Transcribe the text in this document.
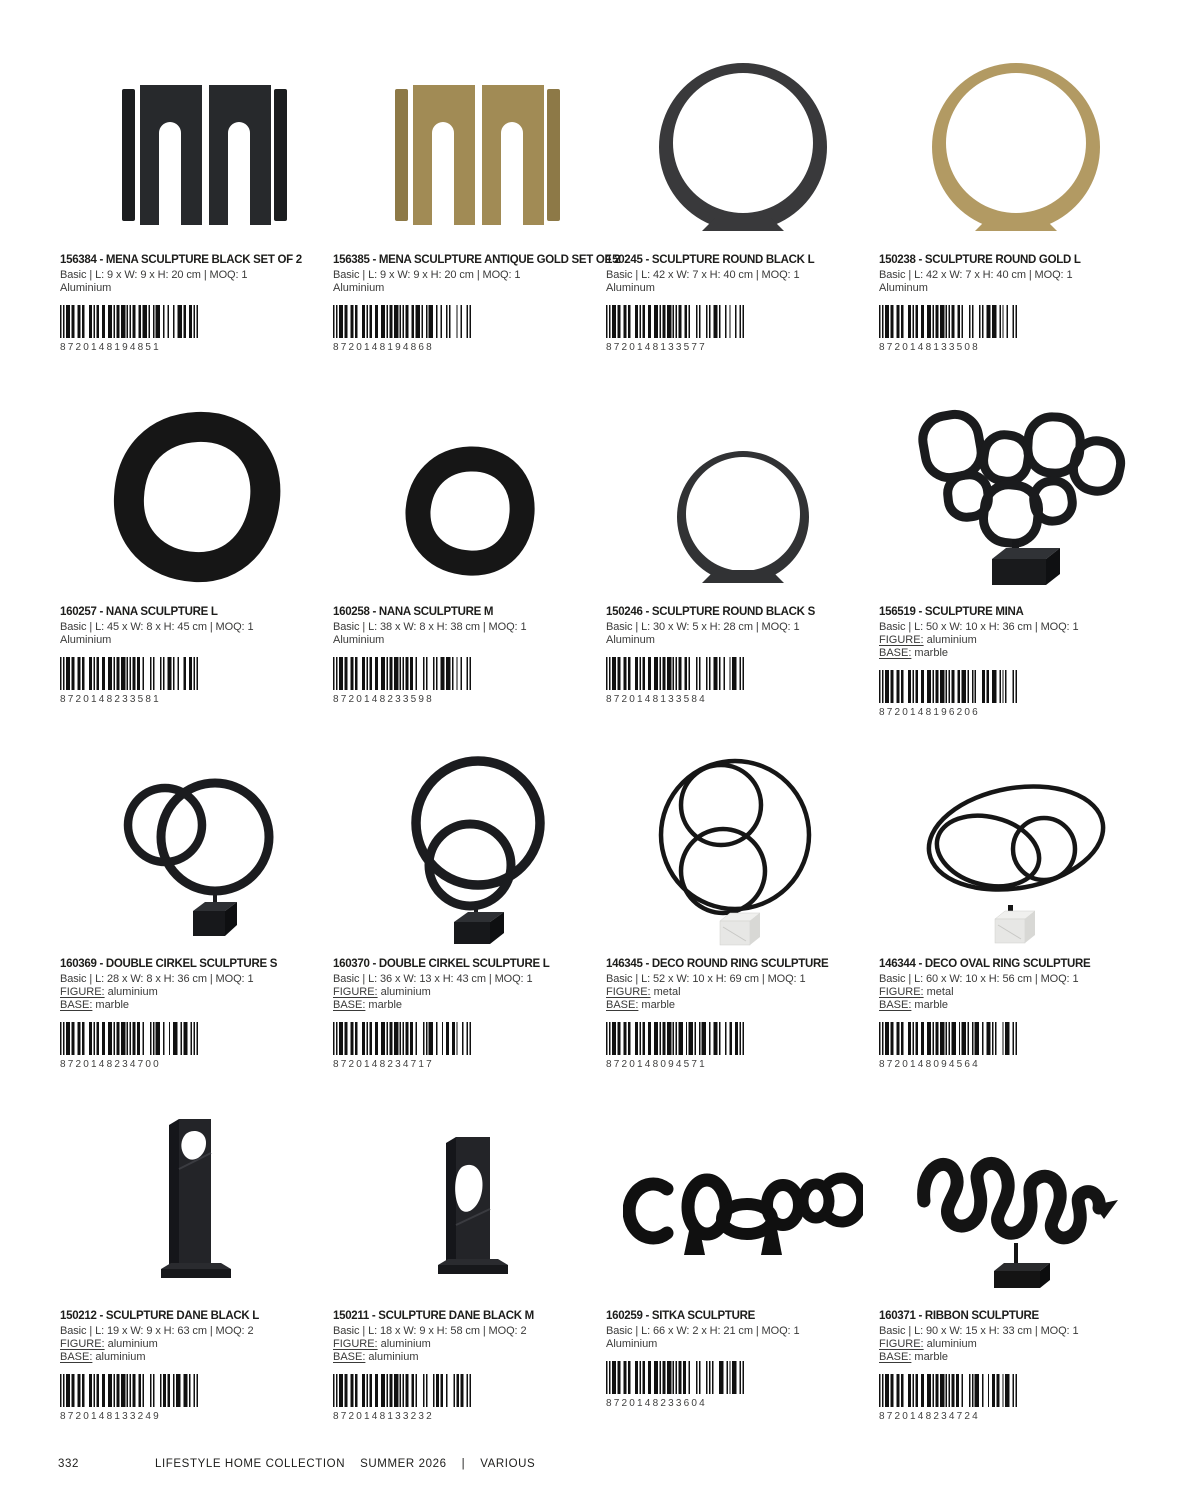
156384 - MENA SCULPTURE BLACK SET OF 2
Basic | L: 9 x W: 9 x H: 20 cm | MOQ: 1
Aluminium
8720148194851
156385 - MENA SCULPTURE ANTIQUE GOLD SET OF 2
Basic | L: 9 x W: 9 x H: 20 cm | MOQ: 1
Aluminium
8720148194868
150245 - SCULPTURE ROUND BLACK L
Basic | L: 42 x W: 7 x H: 40 cm | MOQ: 1
Aluminum
8720148133577
150238 - SCULPTURE ROUND GOLD L
Basic | L: 42 x W: 7 x H: 40 cm | MOQ: 1
Aluminum
8720148133508
160257 - NANA SCULPTURE L
Basic | L: 45 x W: 8 x H: 45 cm | MOQ: 1
Aluminium
8720148233581
160258 - NANA SCULPTURE M
Basic | L: 38 x W: 8 x H: 38 cm | MOQ: 1
Aluminium
8720148233598
150246 - SCULPTURE ROUND BLACK S
Basic | L: 30 x W: 5 x H: 28 cm | MOQ: 1
Aluminum
8720148133584
156519 - SCULPTURE MINA
Basic | L: 50 x W: 10 x H: 36 cm | MOQ: 1
FIGURE: aluminium
BASE: marble
8720148196206
160369 - DOUBLE CIRKEL SCULPTURE S
Basic | L: 28 x W: 8 x H: 36 cm | MOQ: 1
FIGURE: aluminium
BASE: marble
8720148234700
160370 - DOUBLE CIRKEL SCULPTURE L
Basic | L: 36 x W: 13 x H: 43 cm | MOQ: 1
FIGURE: aluminium
BASE: marble
8720148234717
146345 - DECO ROUND RING SCULPTURE
Basic | L: 52 x W: 10 x H: 69 cm | MOQ: 1
FIGURE: metal
BASE: marble
8720148094571
146344 - DECO OVAL RING SCULPTURE
Basic | L: 60 x W: 10 x H: 56 cm | MOQ: 1
FIGURE: metal
BASE: marble
8720148094564
150212 - SCULPTURE DANE BLACK L
Basic | L: 19 x W: 9 x H: 63 cm | MOQ: 2
FIGURE: aluminium
BASE: aluminium
8720148133249
150211 - SCULPTURE DANE BLACK M
Basic | L: 18 x W: 9 x H: 58 cm | MOQ: 2
FIGURE: aluminium
BASE: aluminium
8720148133232
160259 - SITKA SCULPTURE
Basic | L: 66 x W: 2 x H: 21 cm | MOQ: 1
Aluminium
8720148233604
160371 - RIBBON SCULPTURE
Basic | L: 90 x W: 15 x H: 33 cm | MOQ: 1
FIGURE: aluminium
BASE: marble
8720148234724
332	LIFESTYLE HOME COLLECTION SUMMER 2026 | VARIOUS
